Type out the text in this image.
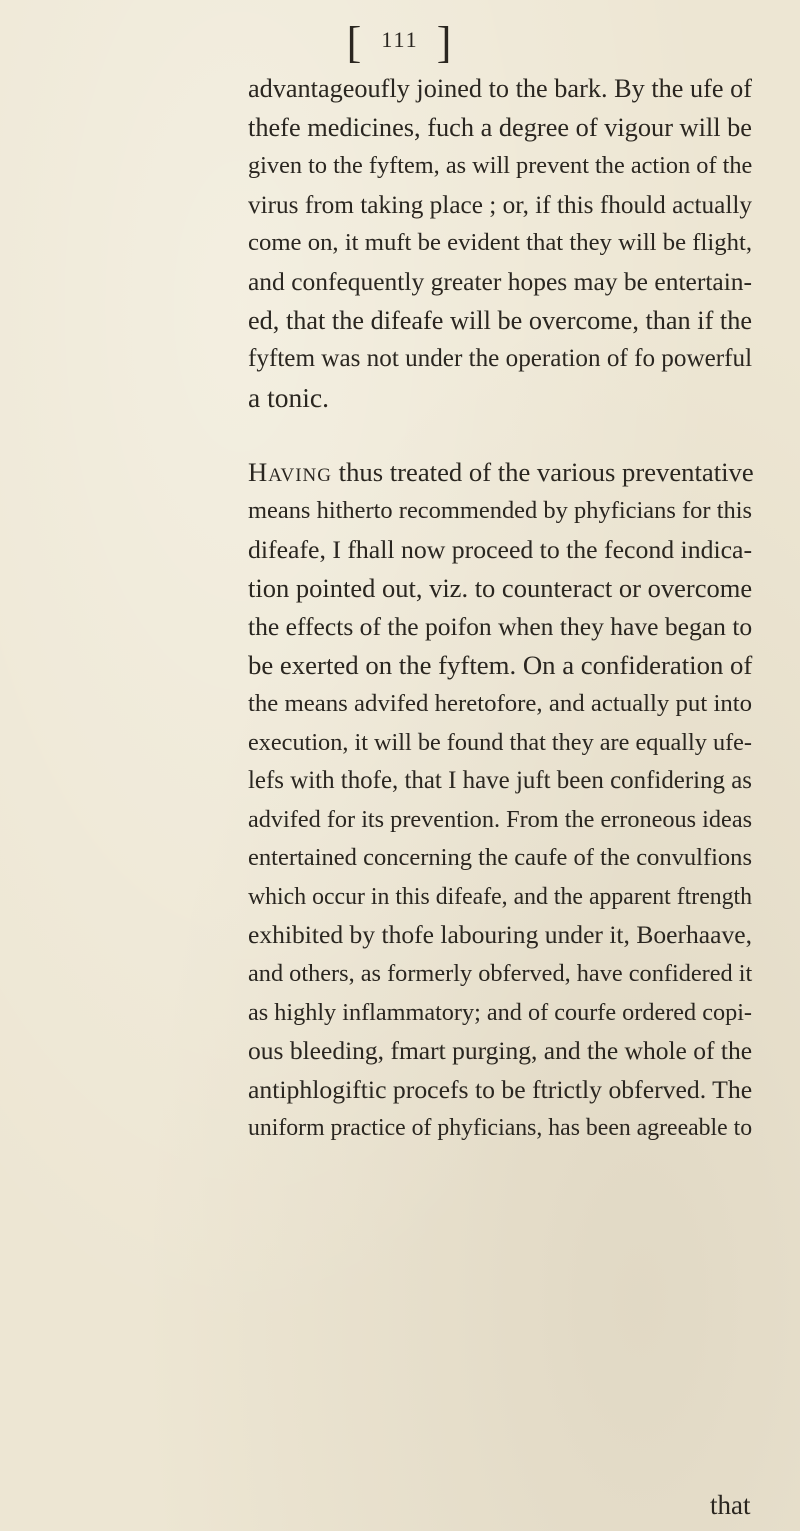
[ $^{111}$ ]
advantageoufly joined to the bark. By the ufe of
thefe medicines, fuch a degree of vigour will be
given to the fyftem, as will prevent the action of the
virus from taking place ; or, if this fhould actually
come on, it muft be evident that they will be flight,
and confequently greater hopes may be entertain-
ed, that the difeafe will be overcome, than if the
fyftem was not under the operation of fo powerful
a tonic.
Having thus treated of the various preventative
means hitherto recommended by phyficians for this
difeafe, I fhall now proceed to the fecond indica-
tion pointed out, viz. to counteract or overcome
the effects of the poifon when they have began to
be exerted on the fyftem. On a confideration of
the means advifed heretofore, and actually put into
execution, it will be found that they are equally ufe-
lefs with thofe, that I have juft been confidering as
advifed for its prevention. From the erroneous ideas
entertained concerning the caufe of the convulfions
which occur in this difeafe, and the apparent ftrength
exhibited by thofe labouring under it, Boerhaave,
and others, as formerly obferved, have confidered it
as highly inflammatory; and of courfe ordered copi-
ous bleeding, fmart purging, and the whole of the
antiphlogiftic procefs to be ftrictly obferved. The
uniform practice of phyficians, has been agreeable to
that
